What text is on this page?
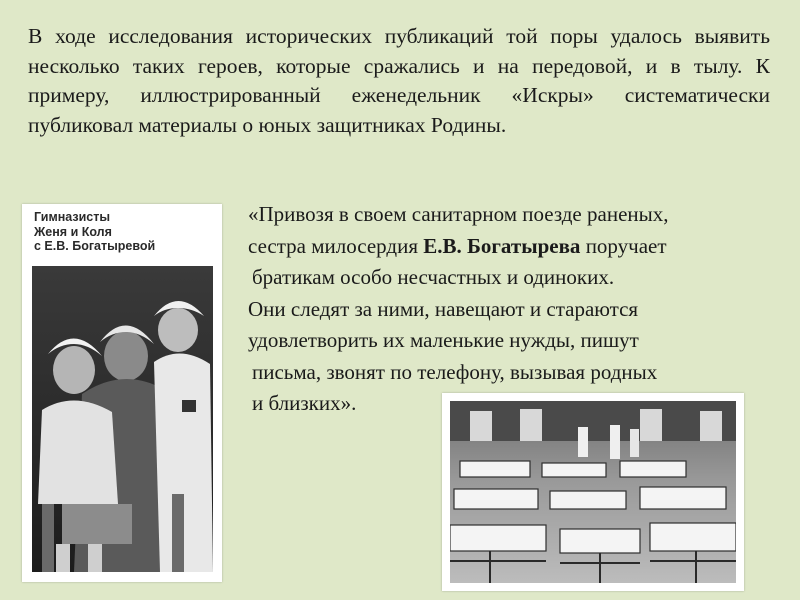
В ходе исследования исторических публикаций той поры удалось выявить несколько таких героев, которые сражались и на передовой, и в тылу. К примеру, иллюстрированный еженедельник «Искры» систематически публиковал материалы о юных защитниках Родины.

Гимназисты
Женя и Коля
с Е.В. Богатыревой

«Привозя в своем санитарном поезде раненых,
сестра милосердия Е.В. Богатырева поручает
братикам особо несчастных и одиноких.
Они следят за ними, навещают и стараются
удовлетворить их маленькие нужды, пишут
письма, звонят по телефону, вызывая родных
и близких».
